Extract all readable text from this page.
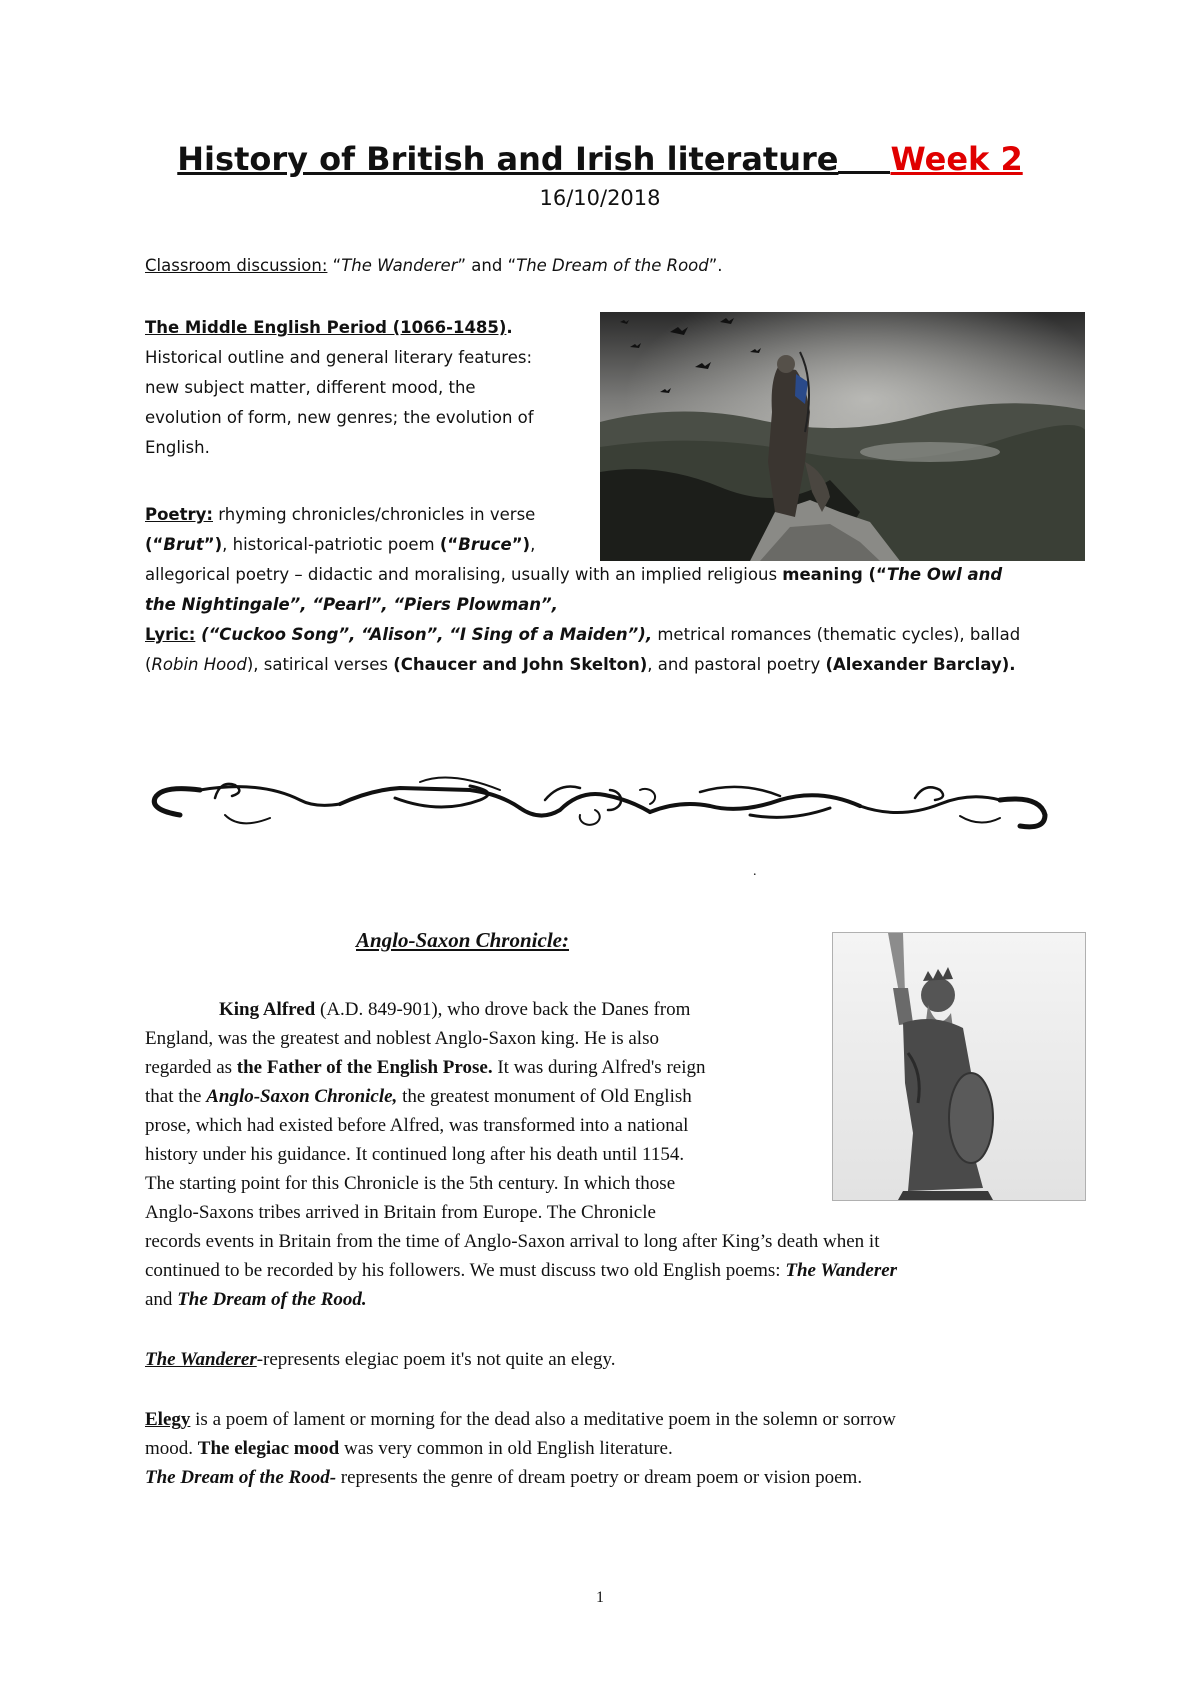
History of British and Irish literature Week 2
16/10/2018
Classroom discussion: “The Wanderer” and “The Dream of the Rood”.
The Middle English Period (1066-1485).
Historical outline and general literary features:
new subject matter, different mood, the
evolution of form, new genres; the evolution of
English.
Poetry: rhyming chronicles/chronicles in verse
(“Brut”), historical-patriotic poem (“Bruce”),
allegorical poetry – didactic and moralising, usually with an implied religious meaning (“The Owl and
the Nightingale”, “Pearl”, “Piers Plowman”,
Lyric: (“Cuckoo Song”, “Alison”, “I Sing of a Maiden”), metrical romances (thematic cycles), ballad
(Robin Hood), satirical verses (Chaucer and John Skelton), and pastoral poetry (Alexander Barclay).
.
Anglo-Saxon Chronicle:
King Alfred (A.D. 849-901), who drove back the Danes from
England, was the greatest and noblest Anglo-Saxon king. He is also
regarded as the Father of the English Prose. It was during Alfred's reign
that the Anglo-Saxon Chronicle, the greatest monument of Old English
prose, which had existed before Alfred, was transformed into a national
history under his guidance. It continued long after his death until 1154.
The starting point for this Chronicle is the 5th century. In which those
Anglo-Saxons tribes arrived in Britain from Europe. The Chronicle
records events in Britain from the time of Anglo-Saxon arrival to long after King’s death when it
continued to be recorded by his followers. We must discuss two old English poems: The Wanderer
and The Dream of the Rood.
The Wanderer-represents elegiac poem it's not quite an elegy.
Elegy is a poem of lament or morning for the dead also a meditative poem in the solemn or sorrow
mood. The elegiac mood was very common in old English literature.
The Dream of the Rood- represents the genre of dream poetry or dream poem or vision poem.
1
